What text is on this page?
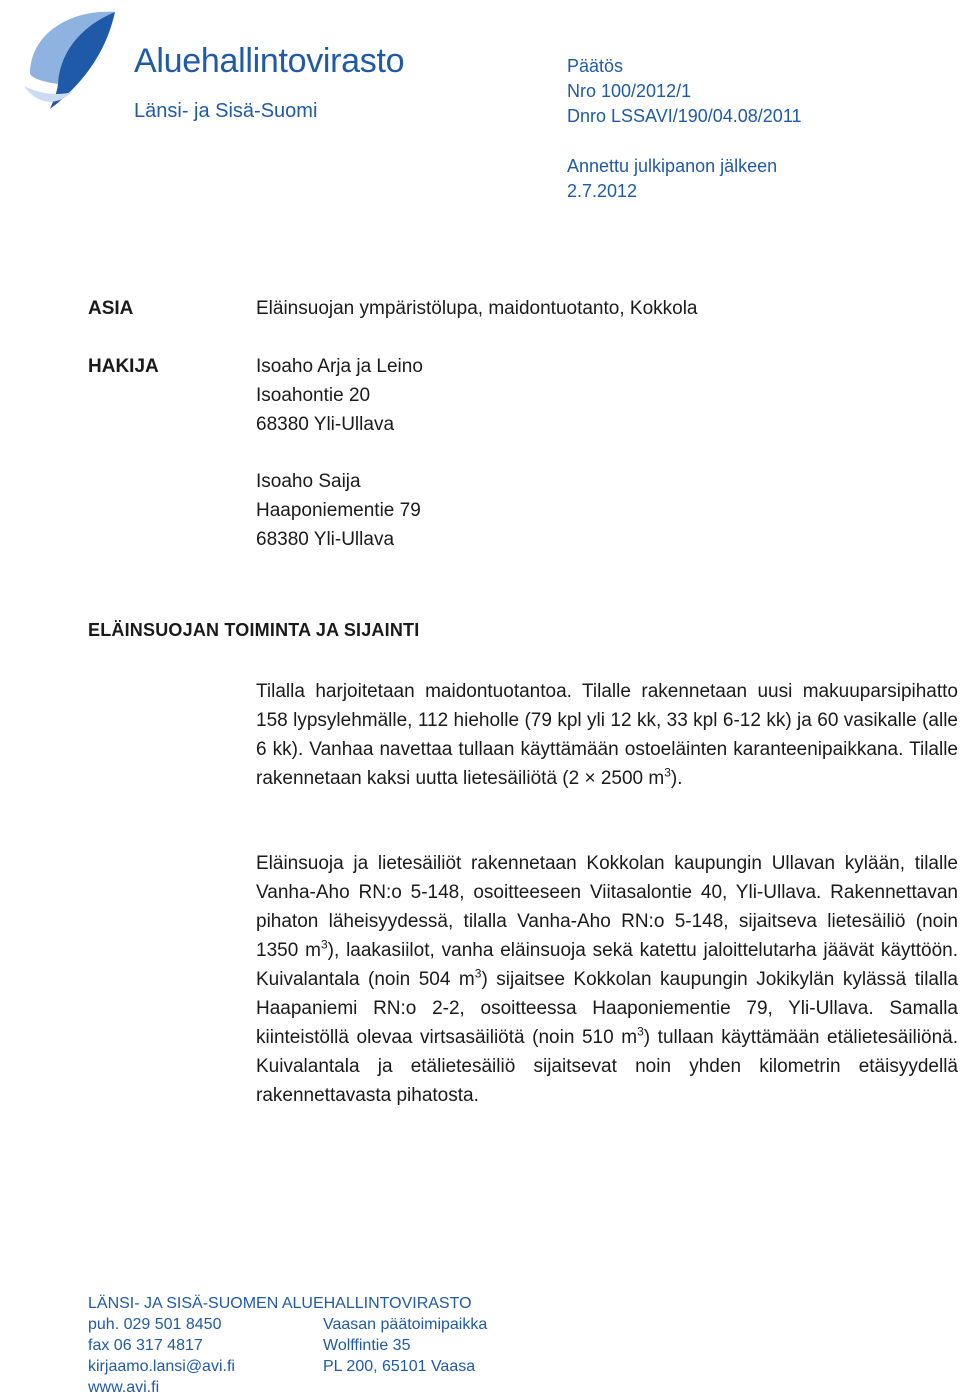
Aluehallintovirasto
Länsi- ja Sisä-Suomi
Päätös
Nro 100/2012/1
Dnro LSSAVI/190/04.08/2011
Annettu julkipanon jälkeen
2.7.2012
ASIA	Eläinsuojan ympäristölupa, maidontuotanto, Kokkola
HAKIJA	Isoaho Arja ja Leino
Isoahontie 20
68380 Yli-Ullava
Isoaho Saija
Haaponiementie 79
68380 Yli-Ullava
ELÄINSUOJAN TOIMINTA JA SIJAINTI
Tilalla harjoitetaan maidontuotantoa. Tilalle rakennetaan uusi makuuparsipihatto 158 lypsylehmälle, 112 hieholle (79 kpl yli 12 kk, 33 kpl 6-12 kk) ja 60 vasikalle (alle 6 kk). Vanhaa navettaa tullaan käyttämään ostoeläinten karanteenipaikkana. Tilalle rakennetaan kaksi uutta lietesäiliötä (2 × 2500 $m^3$).
Eläinsuoja ja lietesäiliöt rakennetaan Kokkolan kaupungin Ullavan kylään, tilalle Vanha-Aho RN:o 5-148, osoitteeseen Viitasalontie 40, Yli-Ullava. Rakennettavan pihaton läheisyydessä, tilalla Vanha-Aho RN:o 5-148, sijaitseva lietesäiliö (noin 1350 $m^3$), laakasiilot, vanha eläinsuoja sekä katettu jaloittelutarha jäävät käyttöön. Kuivalantala (noin 504 $m^3$) sijaitsee Kokkolan kaupungin Jokikylän kylässä tilalla Haapaniemi RN:o 2-2, osoitteessa Haaponiementie 79, Yli-Ullava. Samalla kiinteistöllä olevaa virtsasäiliötä (noin 510 $m^3$) tullaan käyttämään etälietesäiliönä. Kuivalantala ja etälietesäiliö sijaitsevat noin yhden kilometrin etäisyydellä rakennettavasta pihatosta.
LÄNSI- JA SISÄ-SUOMEN ALUEHALLINTOVIRASTO
puh. 029 501 8450	Vaasan päätoimipaikka
fax 06 317 4817	Wolffintie 35
kirjaamo.lansi@avi.fi	PL 200, 65101 Vaasa
www.avi.fi
